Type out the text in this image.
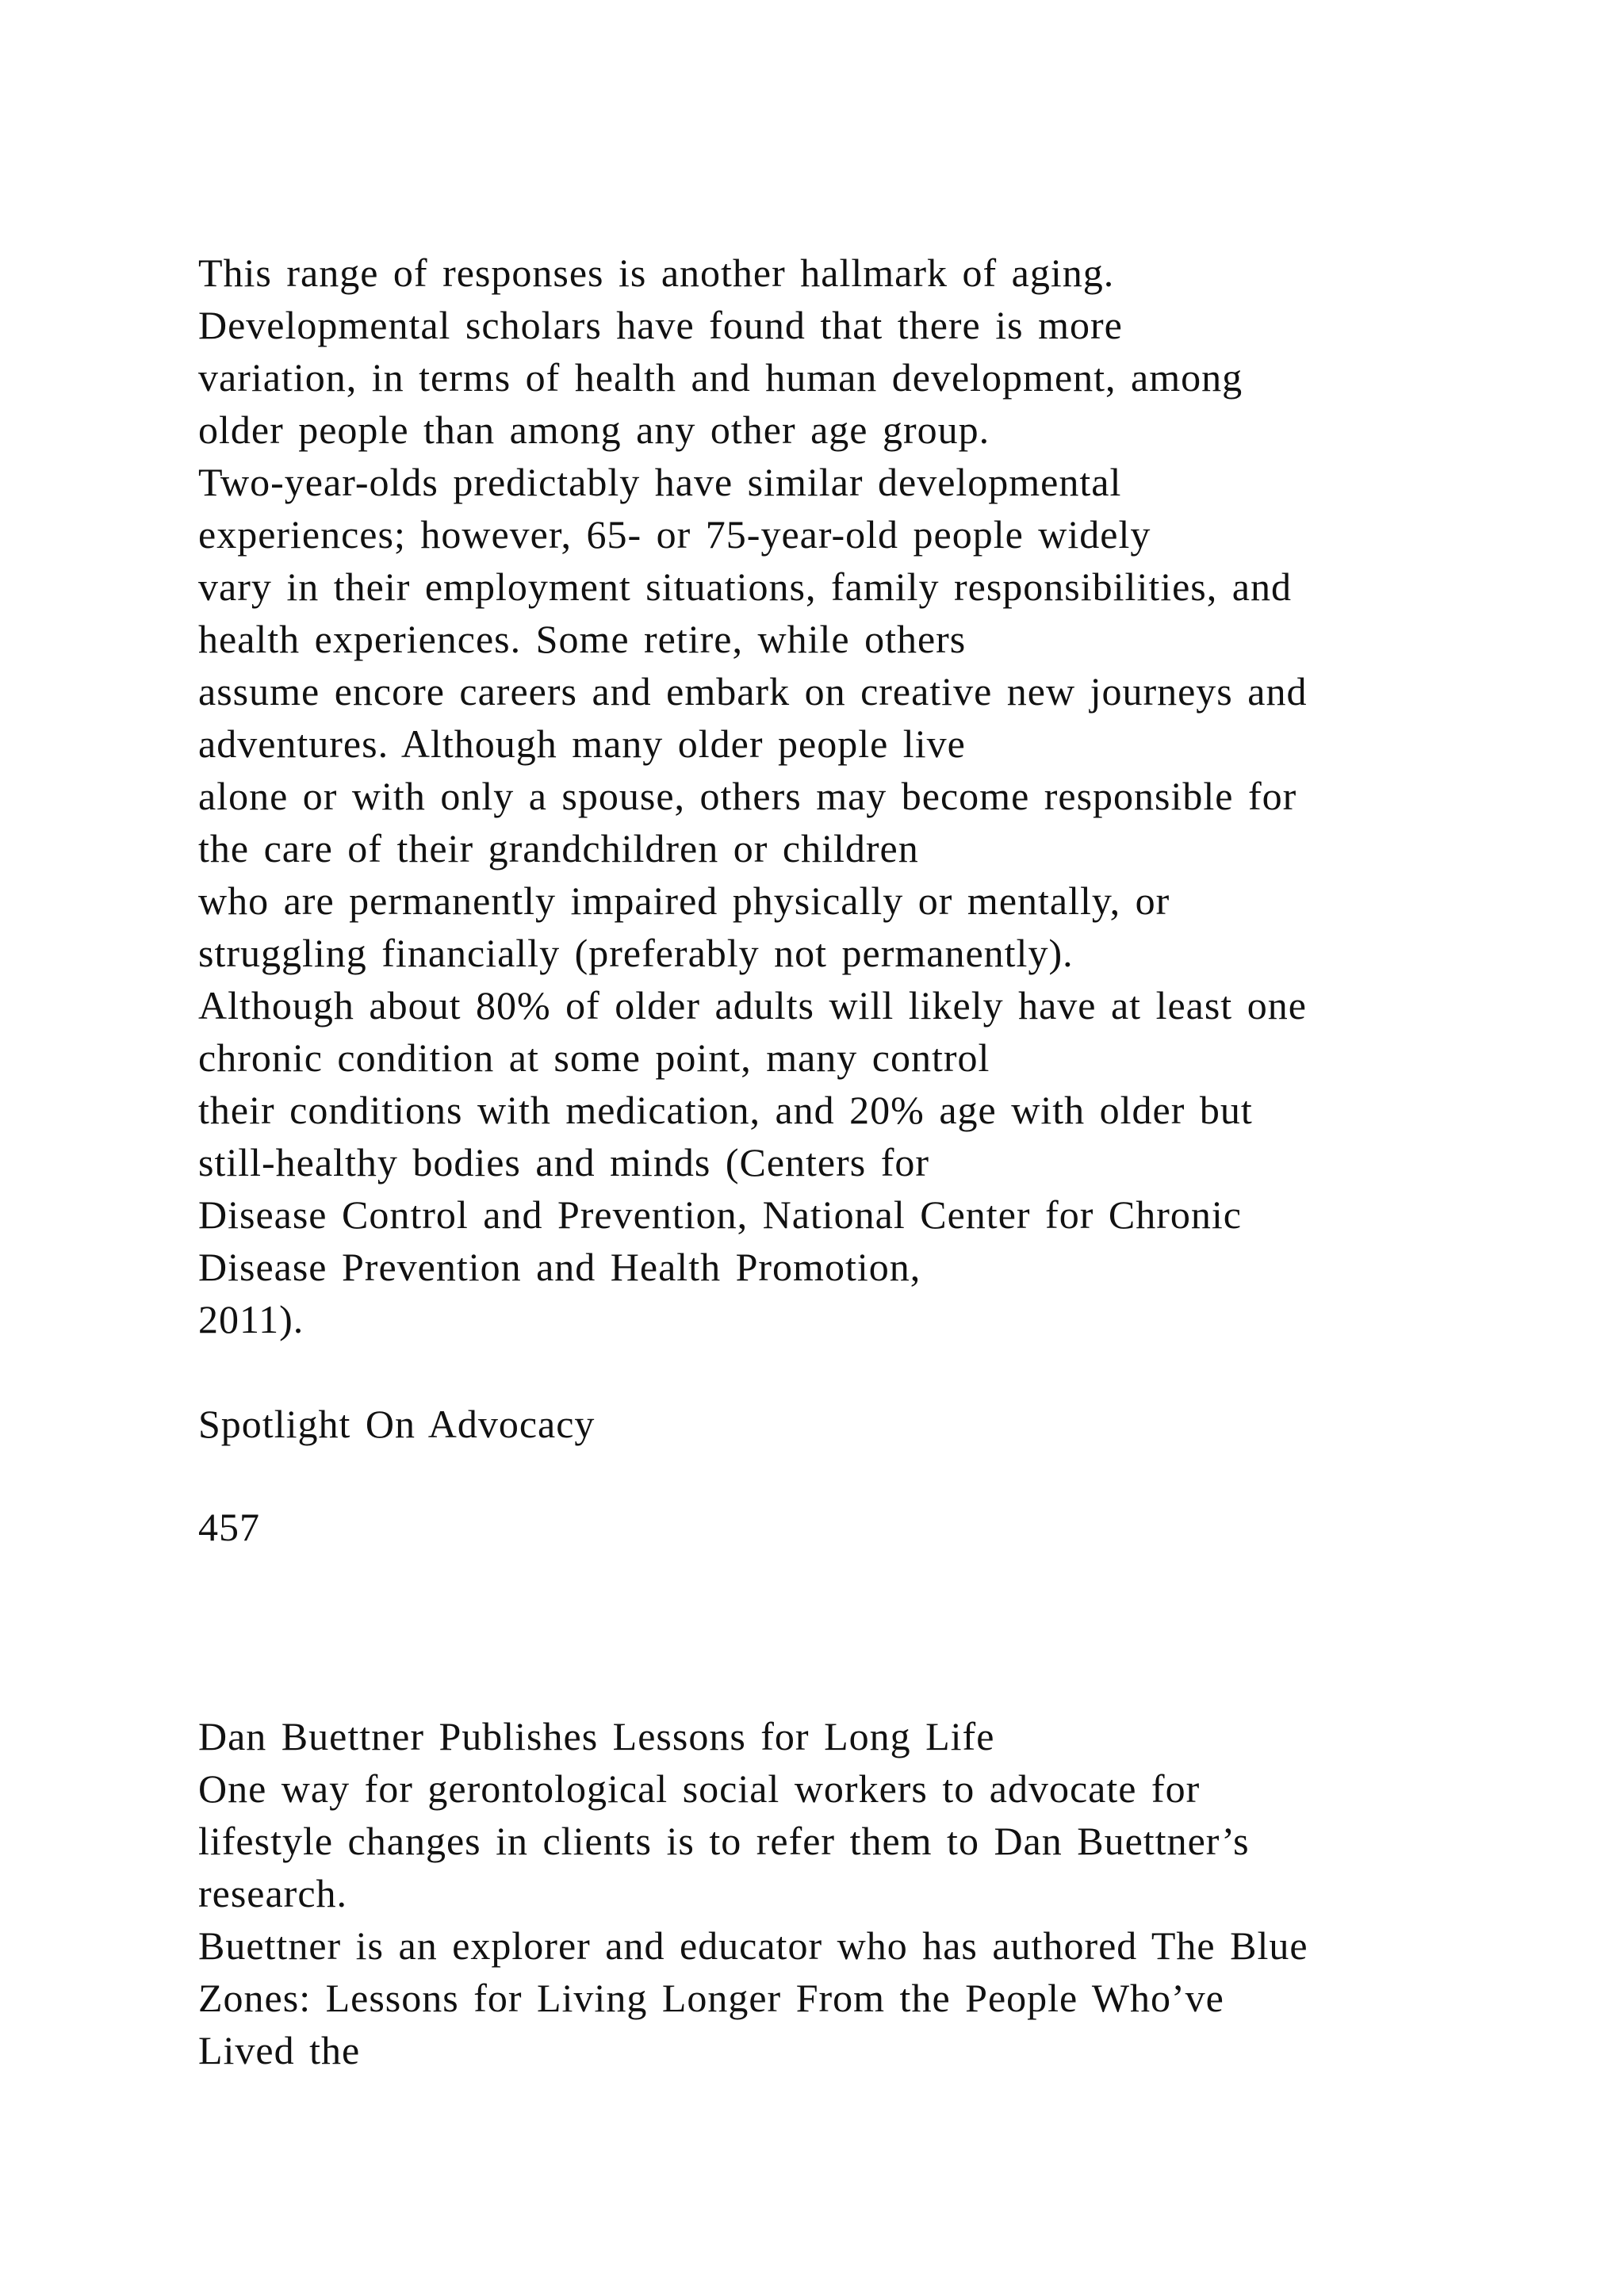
This range of responses is another hallmark of aging.

Developmental scholars have found that there is more

variation, in terms of health and human development, among

older people than among any other age group.

Two-year-olds predictably have similar developmental

experiences; however, 65- or 75-year-old people widely

vary in their employment situations, family responsibilities, and

health experiences. Some retire, while others

assume encore careers and embark on creative new journeys and

adventures. Although many older people live

alone or with only a spouse, others may become responsible for

the care of their grandchildren or children

who are permanently impaired physically or mentally, or

struggling financially (preferably not permanently).

Although about 80% of older adults will likely have at least one

chronic condition at some point, many control

their conditions with medication, and 20% age with older but

still-healthy bodies and minds (Centers for

Disease Control and Prevention, National Center for Chronic

Disease Prevention and Health Promotion,

2011).

Spotlight On Advocacy

457

Dan Buettner Publishes Lessons for Long Life

One way for gerontological social workers to advocate for

lifestyle changes in clients is to refer them to Dan Buettner’s

research.

Buettner is an explorer and educator who has authored The Blue

Zones: Lessons for Living Longer From the People Who’ve

Lived the
